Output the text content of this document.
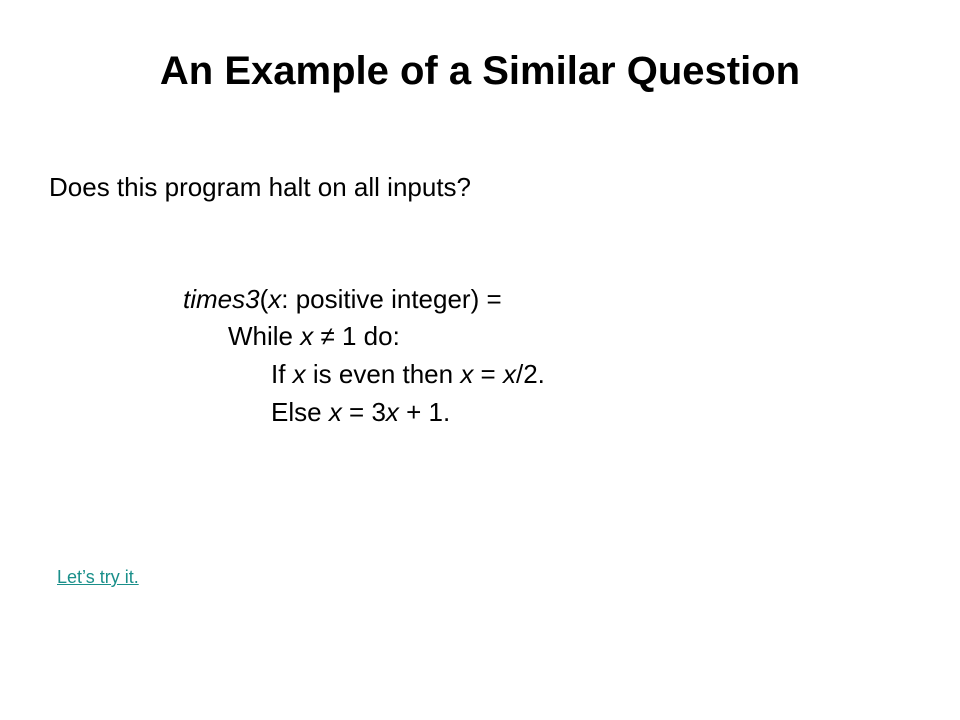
An Example of a Similar Question
Does this program halt on all inputs?
times3(x: positive integer) =
While x ≠ 1 do:
If x is even then x = x/2.
Else x = 3x + 1.
Let’s try it.
